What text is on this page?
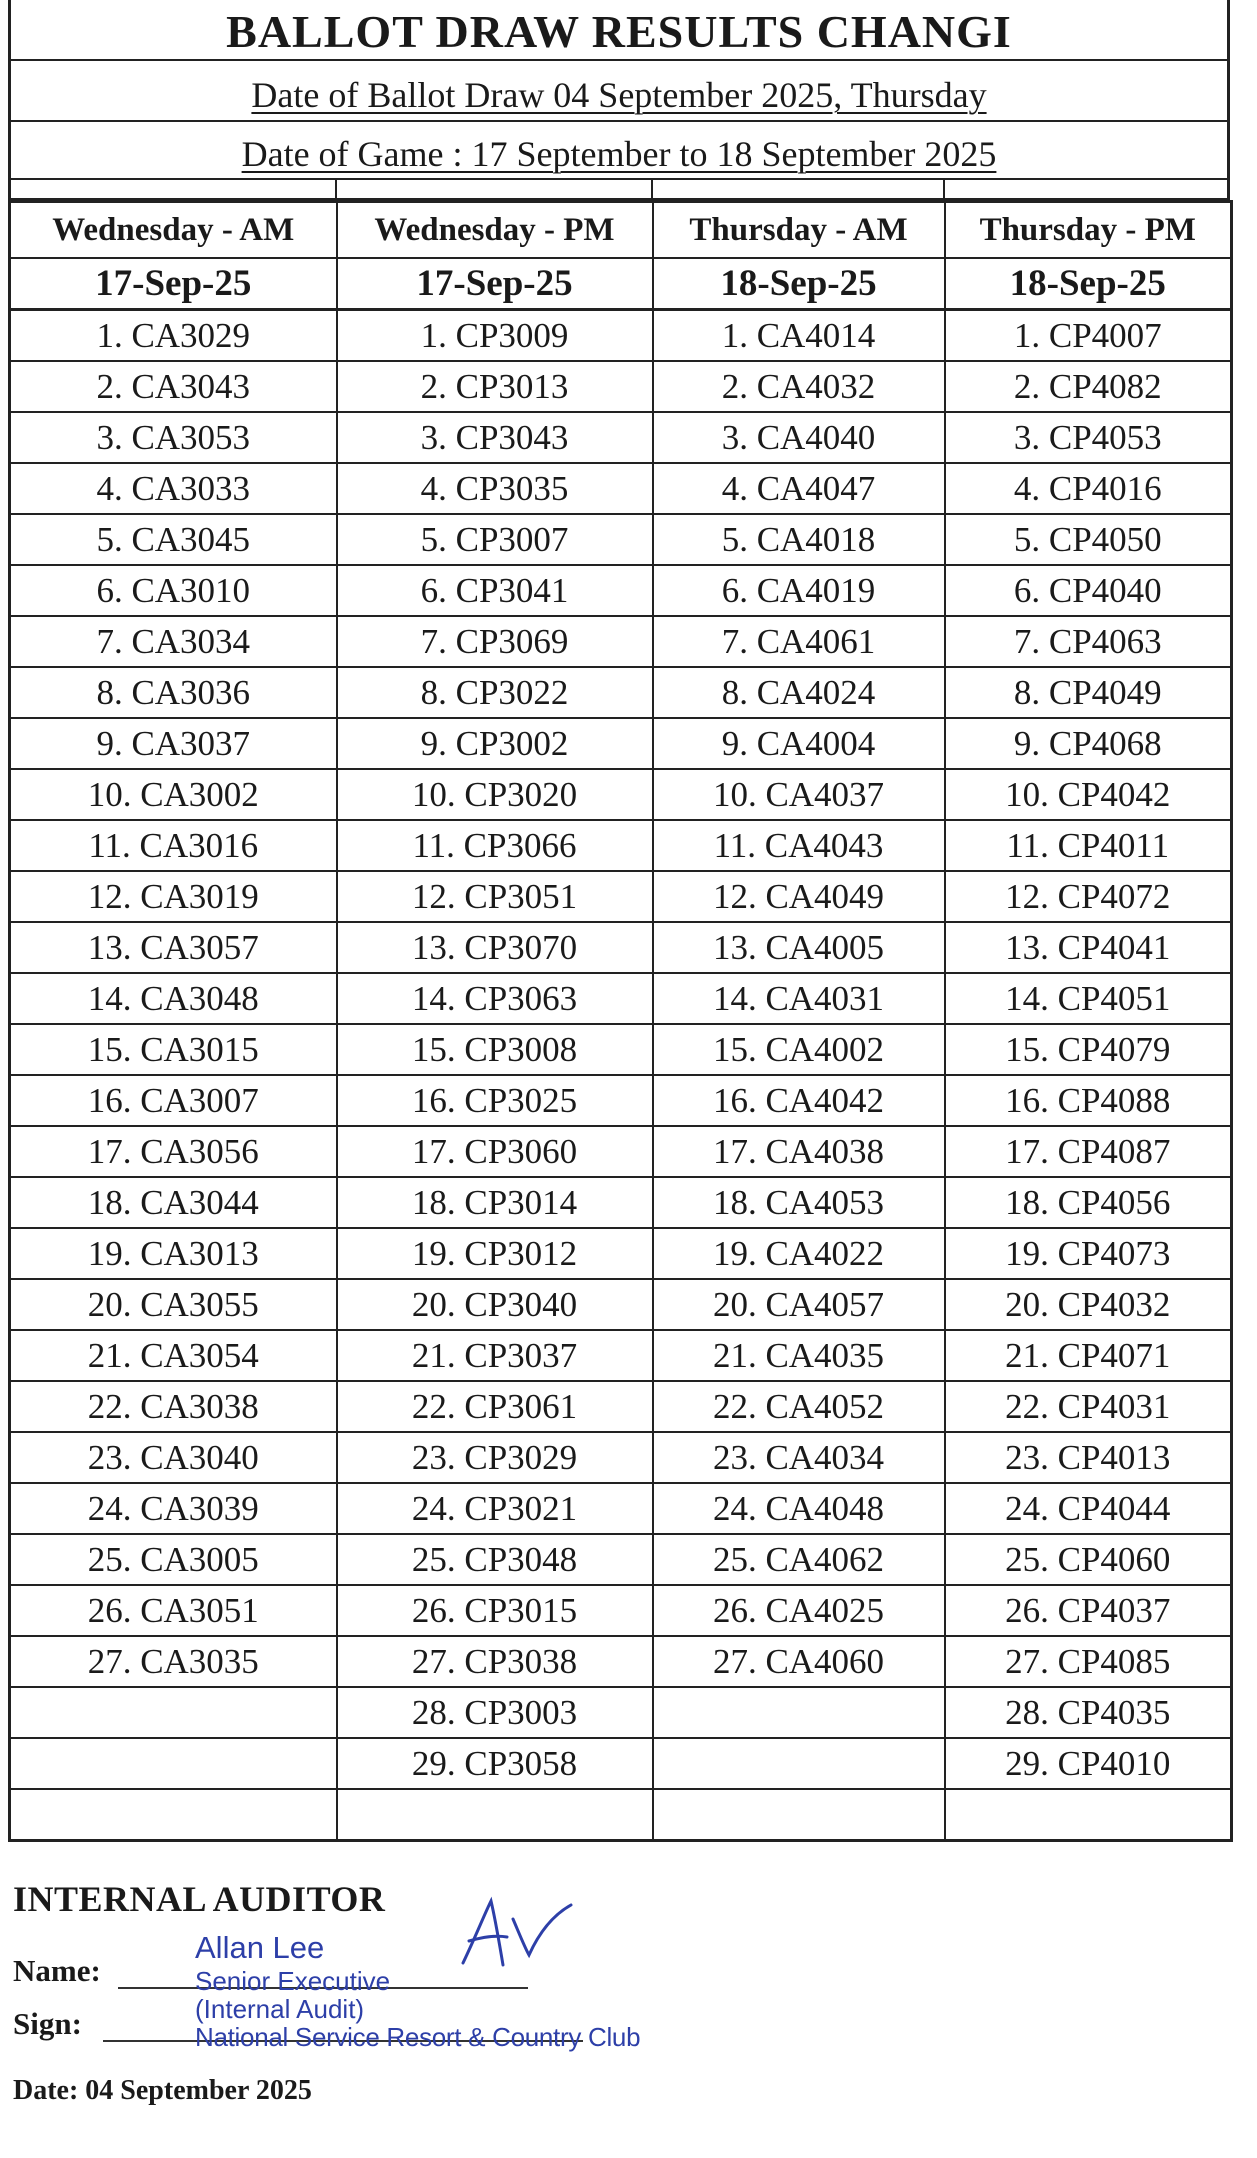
BALLOT DRAW RESULTS CHANGI
Date of Ballot Draw 04 September 2025, Thursday
Date of Game : 17 September to 18 September 2025
Wednesday - AM	Wednesday - PM	Thursday - AM	Thursday - PM
17-Sep-25	17-Sep-25	18-Sep-25	18-Sep-25
1. CA3029	1. CP3009	1. CA4014	1. CP4007
2. CA3043	2. CP3013	2. CA4032	2. CP4082
3. CA3053	3. CP3043	3. CA4040	3. CP4053
4. CA3033	4. CP3035	4. CA4047	4. CP4016
5. CA3045	5. CP3007	5. CA4018	5. CP4050
6. CA3010	6. CP3041	6. CA4019	6. CP4040
7. CA3034	7. CP3069	7. CA4061	7. CP4063
8. CA3036	8. CP3022	8. CA4024	8. CP4049
9. CA3037	9. CP3002	9. CA4004	9. CP4068
10. CA3002	10. CP3020	10. CA4037	10. CP4042
11. CA3016	11. CP3066	11. CA4043	11. CP4011
12. CA3019	12. CP3051	12. CA4049	12. CP4072
13. CA3057	13. CP3070	13. CA4005	13. CP4041
14. CA3048	14. CP3063	14. CA4031	14. CP4051
15. CA3015	15. CP3008	15. CA4002	15. CP4079
16. CA3007	16. CP3025	16. CA4042	16. CP4088
17. CA3056	17. CP3060	17. CA4038	17. CP4087
18. CA3044	18. CP3014	18. CA4053	18. CP4056
19. CA3013	19. CP3012	19. CA4022	19. CP4073
20. CA3055	20. CP3040	20. CA4057	20. CP4032
21. CA3054	21. CP3037	21. CA4035	21. CP4071
22. CA3038	22. CP3061	22. CA4052	22. CP4031
23. CA3040	23. CP3029	23. CA4034	23. CP4013
24. CA3039	24. CP3021	24. CA4048	24. CP4044
25. CA3005	25. CP3048	25. CA4062	25. CP4060
26. CA3051	26. CP3015	26. CA4025	26. CP4037
27. CA3035	27. CP3038	27. CA4060	27. CP4085
	28. CP3003		28. CP4035
	29. CP3058		29. CP4010

INTERNAL AUDITOR
Name:
Sign:
Date: 04 September 2025
Allan Lee
Senior Executive
(Internal Audit)
National Service Resort & Country Club
